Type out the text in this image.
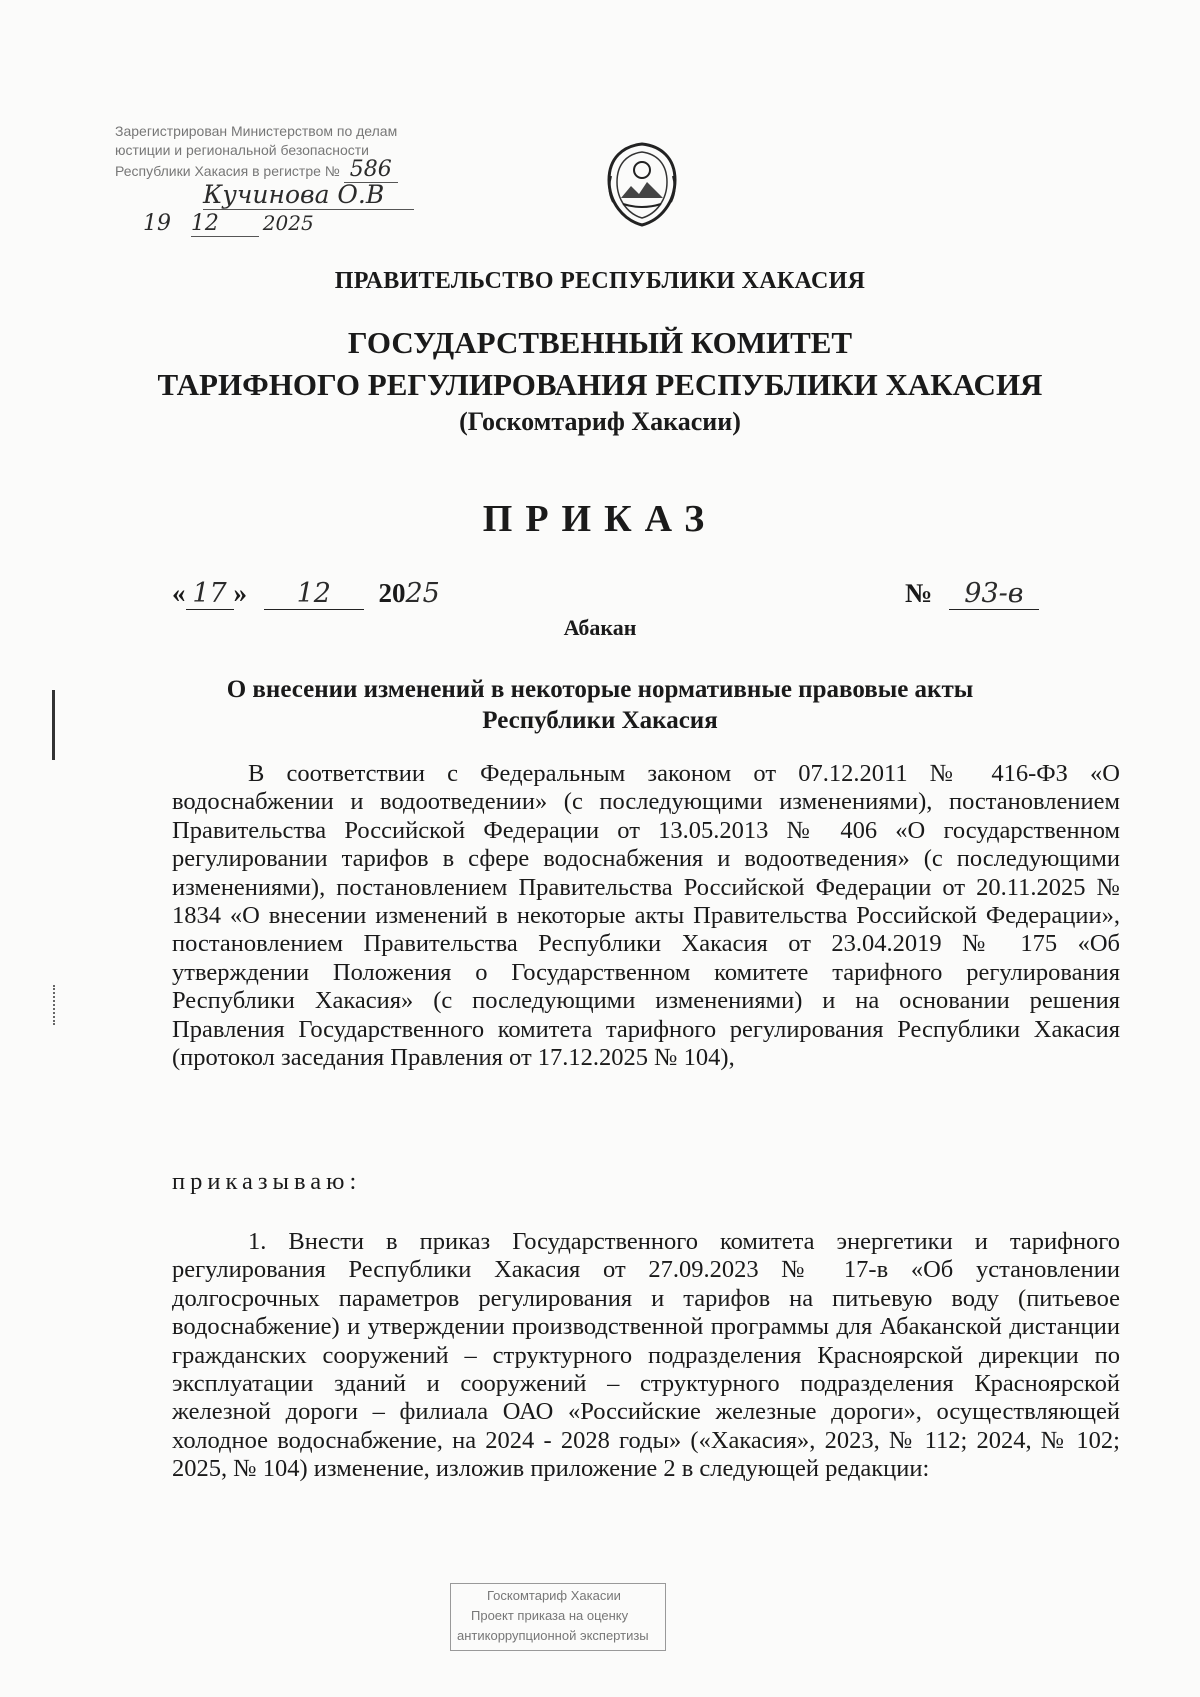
Зарегистрирован Министерством по делам
юстиции и региональной безопасности
Республики Хакасия в регистре № 586
Кучинова О.В
19 12 2025
ПРАВИТЕЛЬСТВО РЕСПУБЛИКИ ХАКАСИЯ
ГОСУДАРСТВЕННЫЙ КОМИТЕТ
ТАРИФНОГО РЕГУЛИРОВАНИЯ РЕСПУБЛИКИ ХАКАСИЯ
(Госкомтариф Хакасии)
ПРИКАЗ
« 17 » 12 2025	№ 93-в
Абакан
О внесении изменений в некоторые нормативные правовые акты
Республики Хакасия
В соответствии с Федеральным законом от 07.12.2011 № 416-ФЗ «О водоснабжении и водоотведении» (с последующими изменениями), постановлением Правительства Российской Федерации от 13.05.2013 № 406 «О государственном регулировании тарифов в сфере водоснабжения и водоотведения» (с последующими изменениями), постановлением Правительства Российской Федерации от 20.11.2025 № 1834 «О внесении изменений в некоторые акты Правительства Российской Федерации», постановлением Правительства Республики Хакасия от 23.04.2019 № 175 «Об утверждении Положения о Государственном комитете тарифного регулирования Республики Хакасия» (с последующими изменениями) и на основании решения Правления Государственного комитета тарифного регулирования Республики Хакасия (протокол заседания Правления от 17.12.2025 № 104),
приказываю:
1. Внести в приказ Государственного комитета энергетики и тарифного регулирования Республики Хакасия от 27.09.2023 № 17-в «Об установлении долгосрочных параметров регулирования и тарифов на питьевую воду (питьевое водоснабжение) и утверждении производственной программы для Абаканской дистанции гражданских сооружений – структурного подразделения Красноярской дирекции по эксплуатации зданий и сооружений – структурного подразделения Красноярской железной дороги – филиала ОАО «Российские железные дороги», осуществляющей холодное водоснабжение, на 2024 - 2028 годы» («Хакасия», 2023, № 112; 2024, № 102; 2025, № 104) изменение, изложив приложение 2 в следующей редакции:
Госкомтариф Хакасии
Проект приказа на оценку
антикоррупционной экспертизы
